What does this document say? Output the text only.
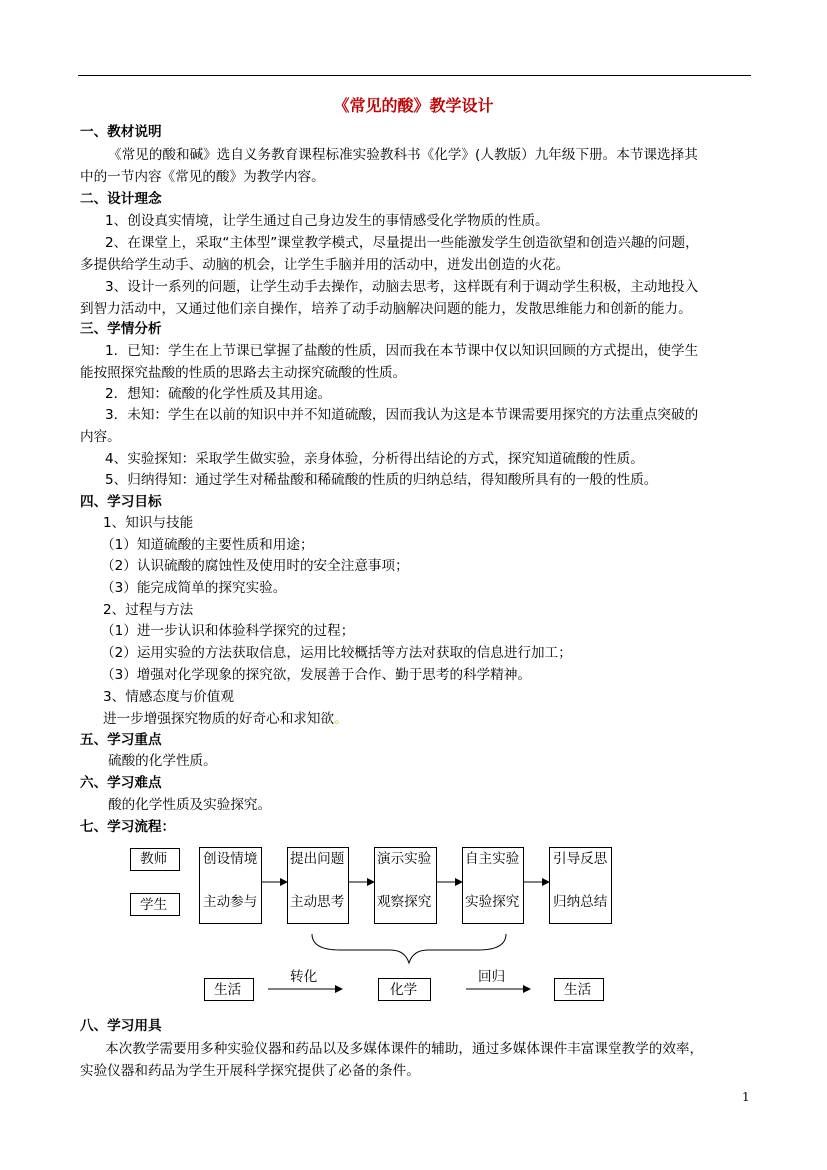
《常见的酸》教学设计
一、教材说明
《常见的酸和碱》选自义务教育课程标准实验教科书《化学》(人教版）九年级下册。本节课选择其
中的一节内容《常见的酸》为教学内容。
二、设计理念
1、创设真实情境，让学生通过自己身边发生的事情感受化学物质的性质。
2、在课堂上，采取“主体型”课堂教学模式，尽量提出一些能激发学生创造欲望和创造兴趣的问题，
多提供给学生动手、动脑的机会，让学生手脑并用的活动中，迸发出创造的火花。
3、设计一系列的问题，让学生动手去操作，动脑去思考，这样既有利于调动学生积极，主动地投入
到智力活动中，又通过他们亲自操作，培养了动手动脑解决问题的能力，发散思维能力和创新的能力。
三、学情分析
1．已知：学生在上节课已掌握了盐酸的性质，因而我在本节课中仅以知识回顾的方式提出，使学生
能按照探究盐酸的性质的思路去主动探究硫酸的性质。
2．想知：硫酸的化学性质及其用途。
3．未知：学生在以前的知识中并不知道硫酸，因而我认为这是本节课需要用探究的方法重点突破的
内容。
4、实验探知：采取学生做实验，亲身体验，分析得出结论的方式，探究知道硫酸的性质。
5、归纳得知：通过学生对稀盐酸和稀硫酸的性质的归纳总结，得知酸所具有的一般的性质。
四、学习目标
1、知识与技能
（1）知道硫酸的主要性质和用途；
（2）认识硫酸的腐蚀性及使用时的安全注意事项；
（3）能完成简单的探究实验。
2、过程与方法
（1）进一步认识和体验科学探究的过程；
（2）运用实验的方法获取信息，运用比较概括等方法对获取的信息进行加工；
（3）增强对化学现象的探究欲，发展善于合作、勤于思考的科学精神。
3、情感态度与价值观
进一步增强探究物质的好奇心和求知欲。
五、学习重点
硫酸的化学性质。
六、学习难点
酸的化学性质及实验探究。
七、学习流程：
教师
学生
创设情境
主动参与
提出问题
主动思考
演示实验
观察探究
自主实验
实验探究
引导反思
归纳总结
生活
转化
化学
回归
生活
八、学习用具
本次教学需要用多种实验仪器和药品以及多媒体课件的辅助，通过多媒体课件丰富课堂教学的效率，
实验仪器和药品为学生开展科学探究提供了必备的条件。
1
